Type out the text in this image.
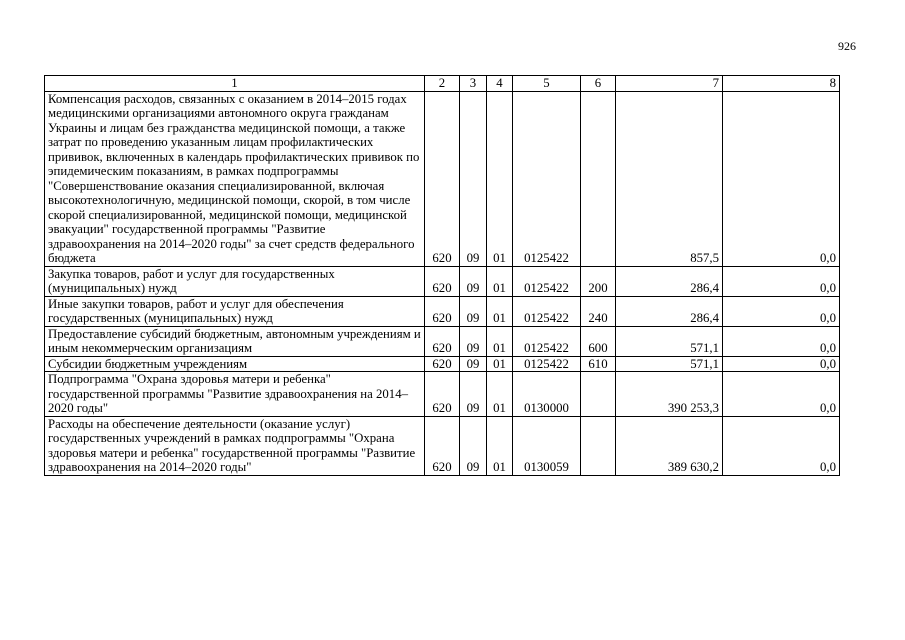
926
1	2	3	4	5	6	7	8
Компенсация расходов, связанных с оказанием в 2014–2015 годах медицинскими организациями автономного округа гражданам Украины и лицам без гражданства медицинской помощи, а также затрат по проведению указанным лицам профилактических прививок, включенных в календарь профилактических прививок по эпидемическим показаниям, в рамках подпрограммы "Совершенствование оказания специализированной, включая высокотехнологичную, медицинской помощи, скорой, в том числе скорой специализированной, медицинской помощи, медицинской эвакуации" государственной программы "Развитие здравоохранения на 2014–2020 годы" за счет средств федерального бюджета	620	09	01	0125422		857,5	0,0
Закупка товаров, работ и услуг для государственных (муниципальных) нужд	620	09	01	0125422	200	286,4	0,0
Иные закупки товаров, работ и услуг для обеспечения государственных (муниципальных) нужд	620	09	01	0125422	240	286,4	0,0
Предоставление субсидий бюджетным, автономным учреждениям и иным некоммерческим организациям	620	09	01	0125422	600	571,1	0,0
Субсидии бюджетным учреждениям	620	09	01	0125422	610	571,1	0,0
Подпрограмма "Охрана здоровья матери и ребенка" государственной программы "Развитие здравоохранения на 2014–2020 годы"	620	09	01	0130000		390 253,3	0,0
Расходы на обеспечение деятельности (оказание услуг) государственных учреждений в рамках подпрограммы "Охрана здоровья матери и ребенка" государственной программы "Развитие здравоохранения на 2014–2020 годы"	620	09	01	0130059		389 630,2	0,0
